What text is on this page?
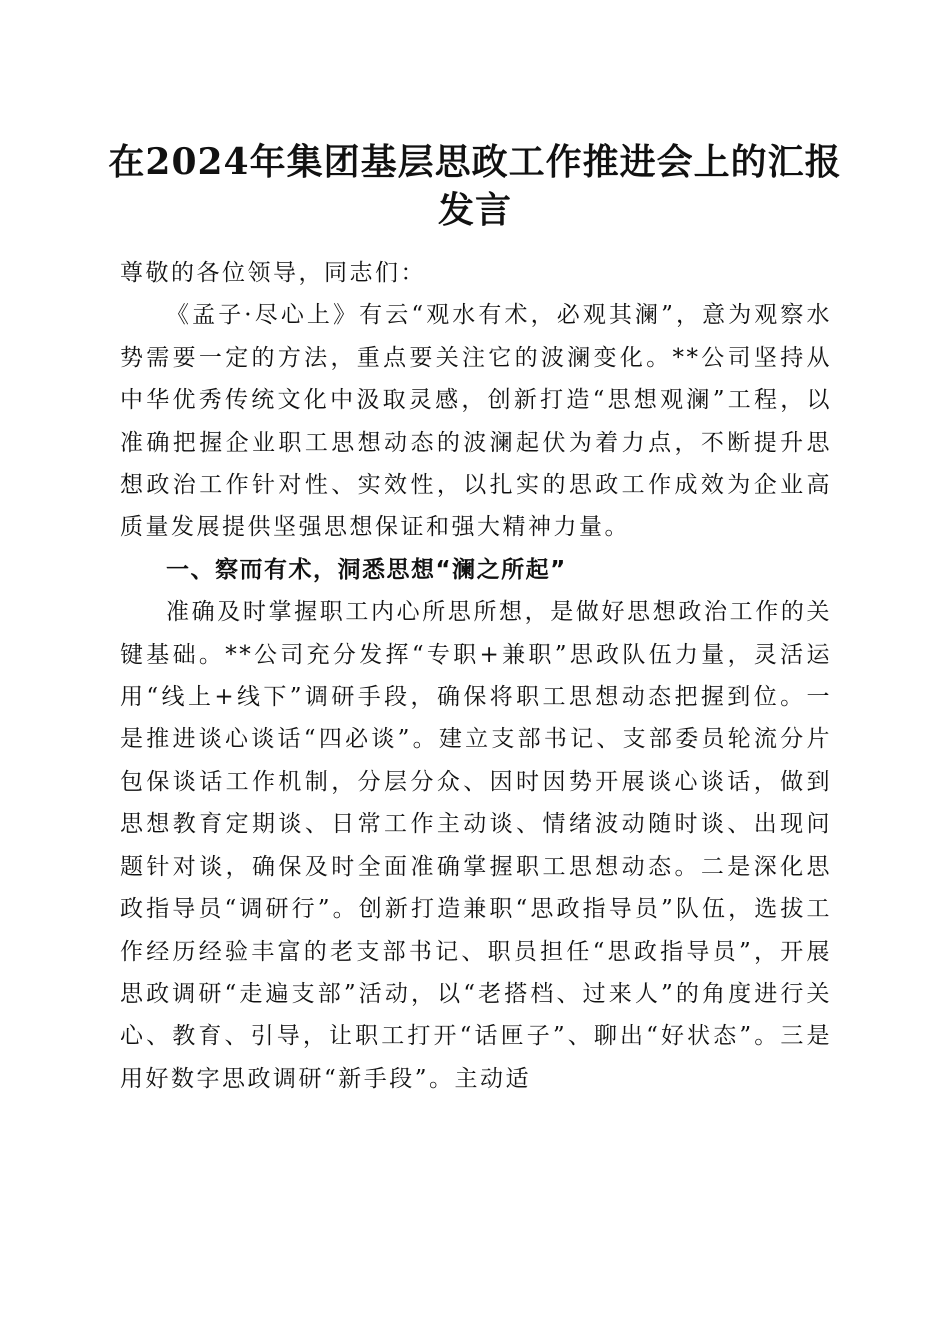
在2024年集团基层思政工作推进会上的汇报发言

尊敬的各位领导，同志们：

《孟子·尽心上》有云“观水有术，必观其澜”，意为观察水势需要一定的方法，重点要关注它的波澜变化。**公司坚持从中华优秀传统文化中汲取灵感，创新打造“思想观澜”工程，以准确把握企业职工思想动态的波澜起伏为着力点，不断提升思想政治工作针对性、实效性，以扎实的思政工作成效为企业高质量发展提供坚强思想保证和强大精神力量。

一、察而有术，洞悉思想“澜之所起”

准确及时掌握职工内心所思所想，是做好思想政治工作的关键基础。**公司充分发挥“专职+兼职”思政队伍力量，灵活运用“线上+线下”调研手段，确保将职工思想动态把握到位。一是推进谈心谈话“四必谈”。建立支部书记、支部委员轮流分片包保谈话工作机制，分层分众、因时因势开展谈心谈话，做到思想教育定期谈、日常工作主动谈、情绪波动随时谈、出现问题针对谈，确保及时全面准确掌握职工思想动态。二是深化思政指导员“调研行”。创新打造兼职“思政指导员”队伍，选拔工作经历经验丰富的老支部书记、职员担任“思政指导员”，开展思政调研“走遍支部”活动，以“老搭档、过来人”的角度进行关心、教育、引导，让职工打开“话匣子”、聊出“好状态”。三是用好数字思政调研“新手段”。主动适
